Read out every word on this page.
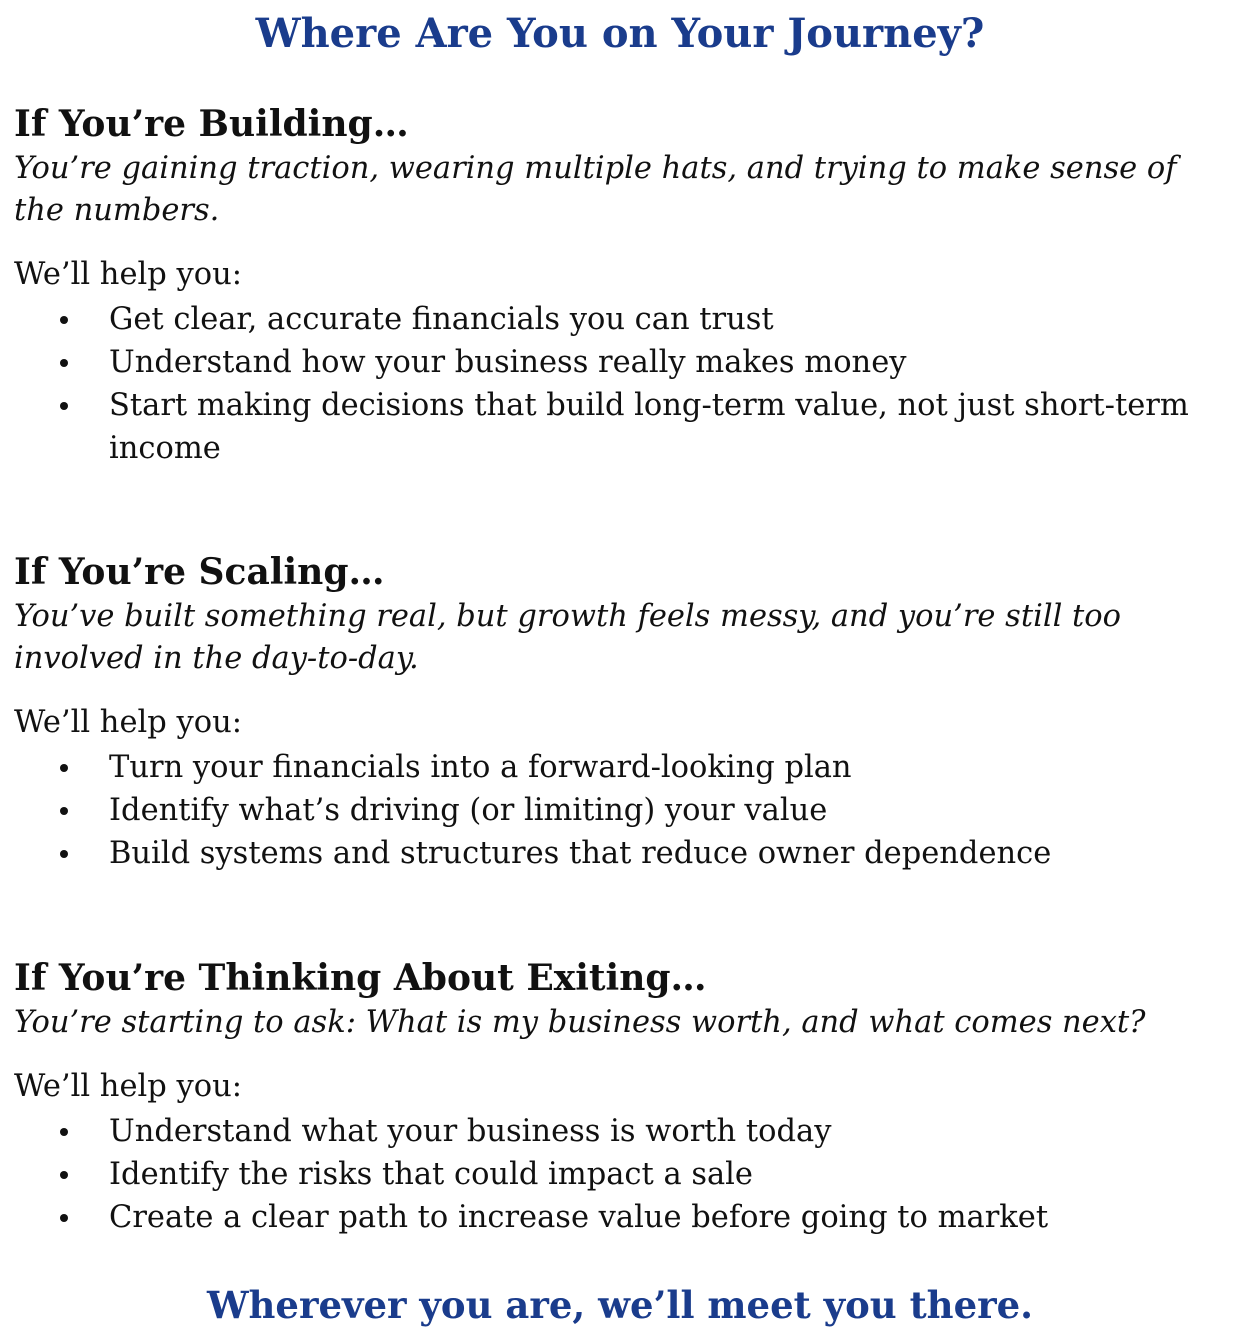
Where Are You on Your Journey?
If You’re Building…

You’re gaining traction, wearing multiple hats, and trying to make sense of the numbers.

We’ll help you:

Get clear, accurate financials you can trust
Understand how your business really makes money
Start making decisions that build long-term value, not just short-term income
If You’re Scaling…

You’ve built something real, but growth feels messy, and you’re still too involved in the day-to-day.

We’ll help you:

Turn your financials into a forward-looking plan
Identify what’s driving (or limiting) your value
Build systems and structures that reduce owner dependence
If You’re Thinking About Exiting…

You’re starting to ask: What is my business worth, and what comes next?

We’ll help you:

Understand what your business is worth today
Identify the risks that could impact a sale
Create a clear path to increase value before going to market

Wherever you are, we’ll meet you there.
